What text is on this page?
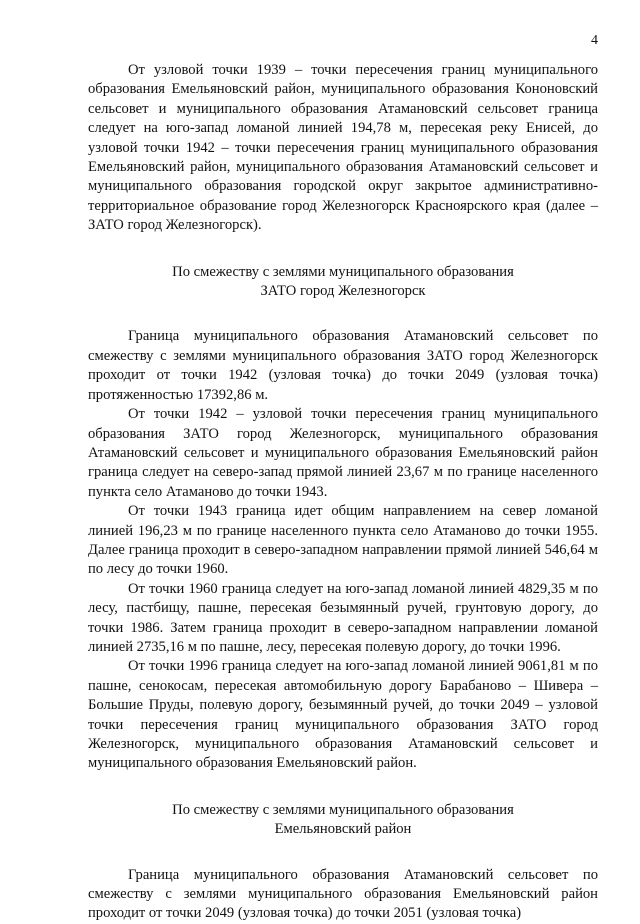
4

От узловой точки 1939 – точки пересечения границ муниципального образования Емельяновский район, муниципального образования Кононовский сельсовет и муниципального образования Атамановский сельсовет граница следует на юго-запад ломаной линией 194,78 м, пересекая реку Енисей, до узловой точки 1942 – точки пересечения границ муниципального образования Емельяновский район, муниципального образования Атамановский сельсовет и муниципального образования городской округ закрытое административно-территориальное образование город Железногорск Красноярского края (далее – ЗАТО город Железногорск).

По смежеству с землями муниципального образования
ЗАТО город Железногорск

Граница муниципального образования Атамановский сельсовет по смежеству с землями муниципального образования ЗАТО город Железногорск проходит от точки 1942 (узловая точка) до точки 2049 (узловая точка) протяженностью 17392,86 м.

От точки 1942 – узловой точки пересечения границ муниципального образования ЗАТО город Железногорск, муниципального образования Атамановский сельсовет и муниципального образования Емельяновский район граница следует на северо-запад прямой линией 23,67 м по границе населенного пункта село Атаманово до точки 1943.

От точки 1943 граница идет общим направлением на север ломаной линией 196,23 м по границе населенного пункта село Атаманово до точки 1955. Далее граница проходит в северо-западном направлении прямой линией 546,64 м по лесу до точки 1960.

От точки 1960 граница следует на юго-запад ломаной линией 4829,35 м по лесу, пастбищу, пашне, пересекая безымянный ручей, грунтовую дорогу, до точки 1986. Затем граница проходит в северо-западном направлении ломаной линией 2735,16 м по пашне, лесу, пересекая полевую дорогу, до точки 1996.

От точки 1996 граница следует на юго-запад ломаной линией 9061,81 м по пашне, сенокосам, пересекая автомобильную дорогу Барабаново – Шивера – Большие Пруды, полевую дорогу, безымянный ручей, до точки 2049 – узловой точки пересечения границ муниципального образования ЗАТО город Железногорск, муниципального образования Атамановский сельсовет и муниципального образования Емельяновский район.

По смежеству с землями муниципального образования
Емельяновский район

Граница муниципального образования Атамановский сельсовет по смежеству с землями муниципального образования Емельяновский район проходит от точки 2049 (узловая точка) до точки 2051 (узловая точка)
